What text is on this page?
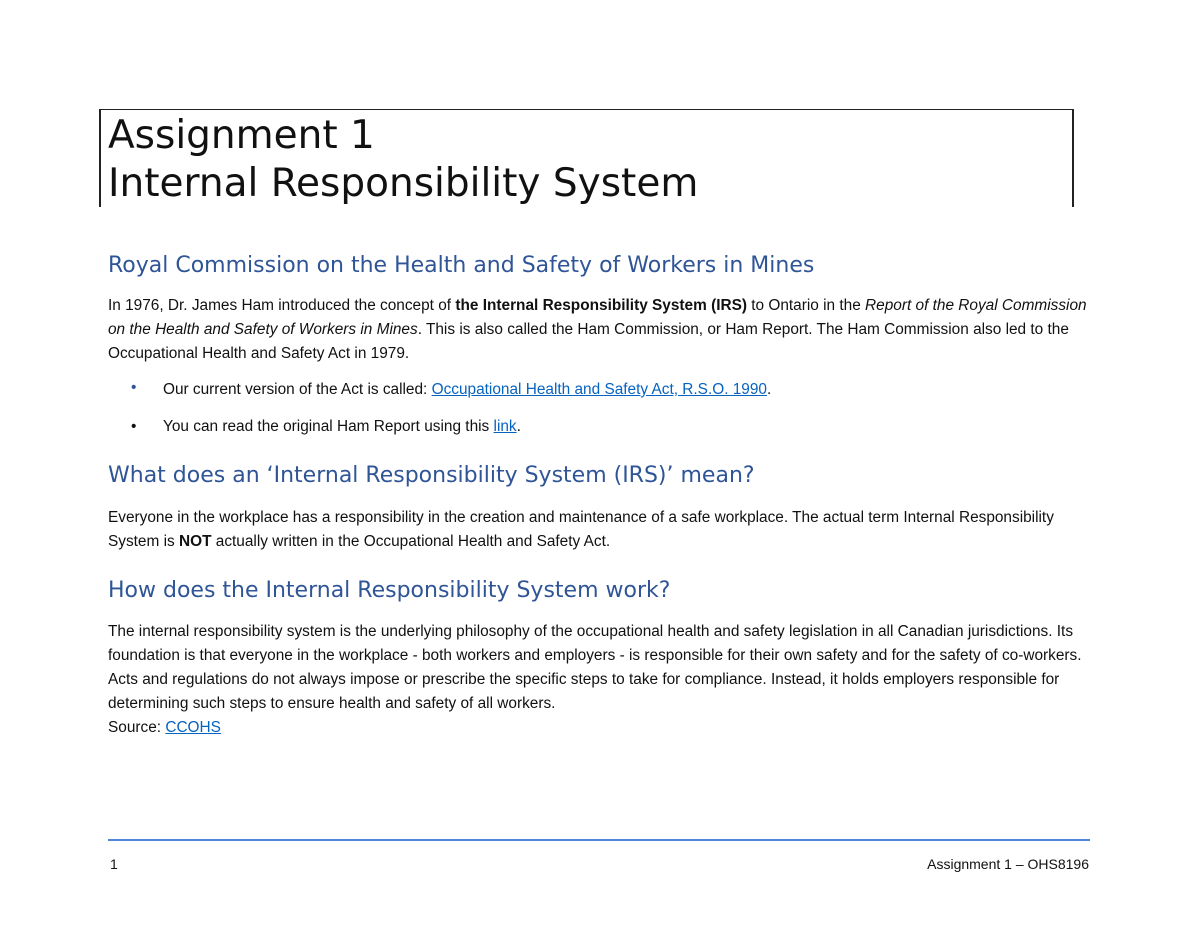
Assignment 1
Internal Responsibility System
Royal Commission on the Health and Safety of Workers in Mines
In 1976, Dr. James Ham introduced the concept of the Internal Responsibility System (IRS) to Ontario in the Report of the Royal Commission on the Health and Safety of Workers in Mines. This is also called the Ham Commission, or Ham Report. The Ham Commission also led to the Occupational Health and Safety Act in 1979.
• Our current version of the Act is called: Occupational Health and Safety Act, R.S.O. 1990.
• You can read the original Ham Report using this link.
What does an ‘Internal Responsibility System (IRS)’ mean?
Everyone in the workplace has a responsibility in the creation and maintenance of a safe workplace. The actual term Internal Responsibility System is NOT actually written in the Occupational Health and Safety Act.
How does the Internal Responsibility System work?
The internal responsibility system is the underlying philosophy of the occupational health and safety legislation in all Canadian jurisdictions. Its foundation is that everyone in the workplace - both workers and employers - is responsible for their own safety and for the safety of co-workers. Acts and regulations do not always impose or prescribe the specific steps to take for compliance. Instead, it holds employers responsible for determining such steps to ensure health and safety of all workers.
Source: CCOHS
1	Assignment 1 – OHS8196
